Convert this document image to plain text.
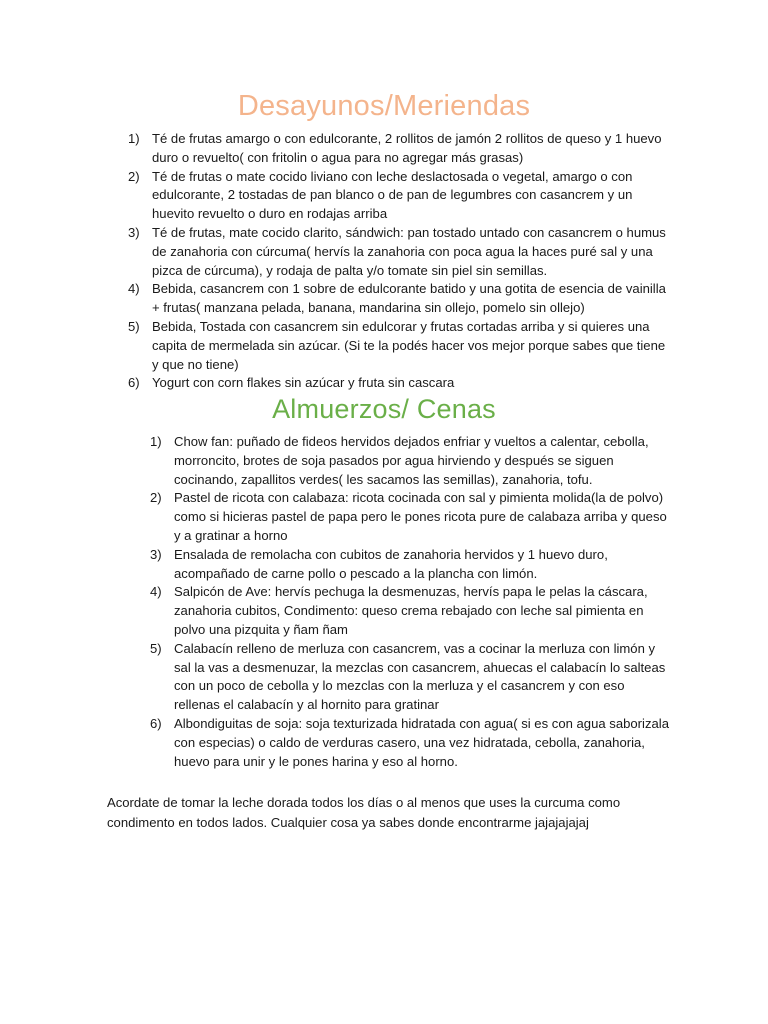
Desayunos/Meriendas
1) Té de frutas amargo o con edulcorante, 2 rollitos de jamón 2 rollitos de queso y 1 huevo duro o revuelto( con fritolin o agua para no agregar más grasas)
2) Té de frutas o mate cocido liviano con leche deslactosada o vegetal, amargo o con edulcorante, 2 tostadas de pan blanco o de pan de legumbres con casancrem y un huevito revuelto o duro en rodajas arriba
3) Té de frutas, mate cocido clarito, sándwich: pan tostado untado con casancrem o humus de zanahoria con cúrcuma( hervís la zanahoria con poca agua la haces puré sal y una pizca de cúrcuma), y rodaja de palta y/o tomate sin piel sin semillas.
4) Bebida, casancrem con 1 sobre de edulcorante batido y una gotita de esencia de vainilla + frutas( manzana pelada, banana, mandarina sin ollejo, pomelo sin ollejo)
5) Bebida, Tostada con casancrem sin edulcorar y frutas cortadas arriba y si quieres una capita de mermelada sin azúcar. (Si te la podés hacer vos mejor porque sabes que tiene y que no tiene)
6) Yogurt con corn flakes sin azúcar y fruta sin cascara
Almuerzos/ Cenas
1) Chow fan: puñado de fideos hervidos dejados enfriar y vueltos a calentar, cebolla, morroncito, brotes de soja pasados por agua hirviendo y después se siguen cocinando, zapallitos verdes( les sacamos las semillas), zanahoria, tofu.
2) Pastel de ricota con calabaza: ricota cocinada con sal y pimienta molida(la de polvo) como si hicieras pastel de papa pero le pones ricota pure de calabaza arriba y queso y a gratinar a horno
3) Ensalada de remolacha con cubitos de zanahoria hervidos y 1 huevo duro, acompañado de carne pollo o pescado a la plancha con limón.
4) Salpicón de Ave: hervís pechuga la desmenuzas, hervís papa le pelas la cáscara, zanahoria cubitos, Condimento: queso crema rebajado con leche sal pimienta en polvo una pizquita y ñam ñam
5) Calabacín relleno de merluza con casancrem, vas a cocinar la merluza con limón y sal la vas a desmenuzar, la mezclas con casancrem, ahuecas el calabacín lo salteas con un poco de cebolla y lo mezclas con la merluza y el casancrem y con eso rellenas el calabacín y al hornito para gratinar
6) Albondiguitas de soja: soja texturizada hidratada con agua( si es con agua saborizala con especias) o caldo de verduras casero, una vez hidratada, cebolla, zanahoria, huevo para unir y le pones harina y eso al horno.

Acordate de tomar la leche dorada todos los días o al menos que uses la curcuma como condimento en todos lados. Cualquier cosa ya sabes donde encontrarme jajajajajaj
